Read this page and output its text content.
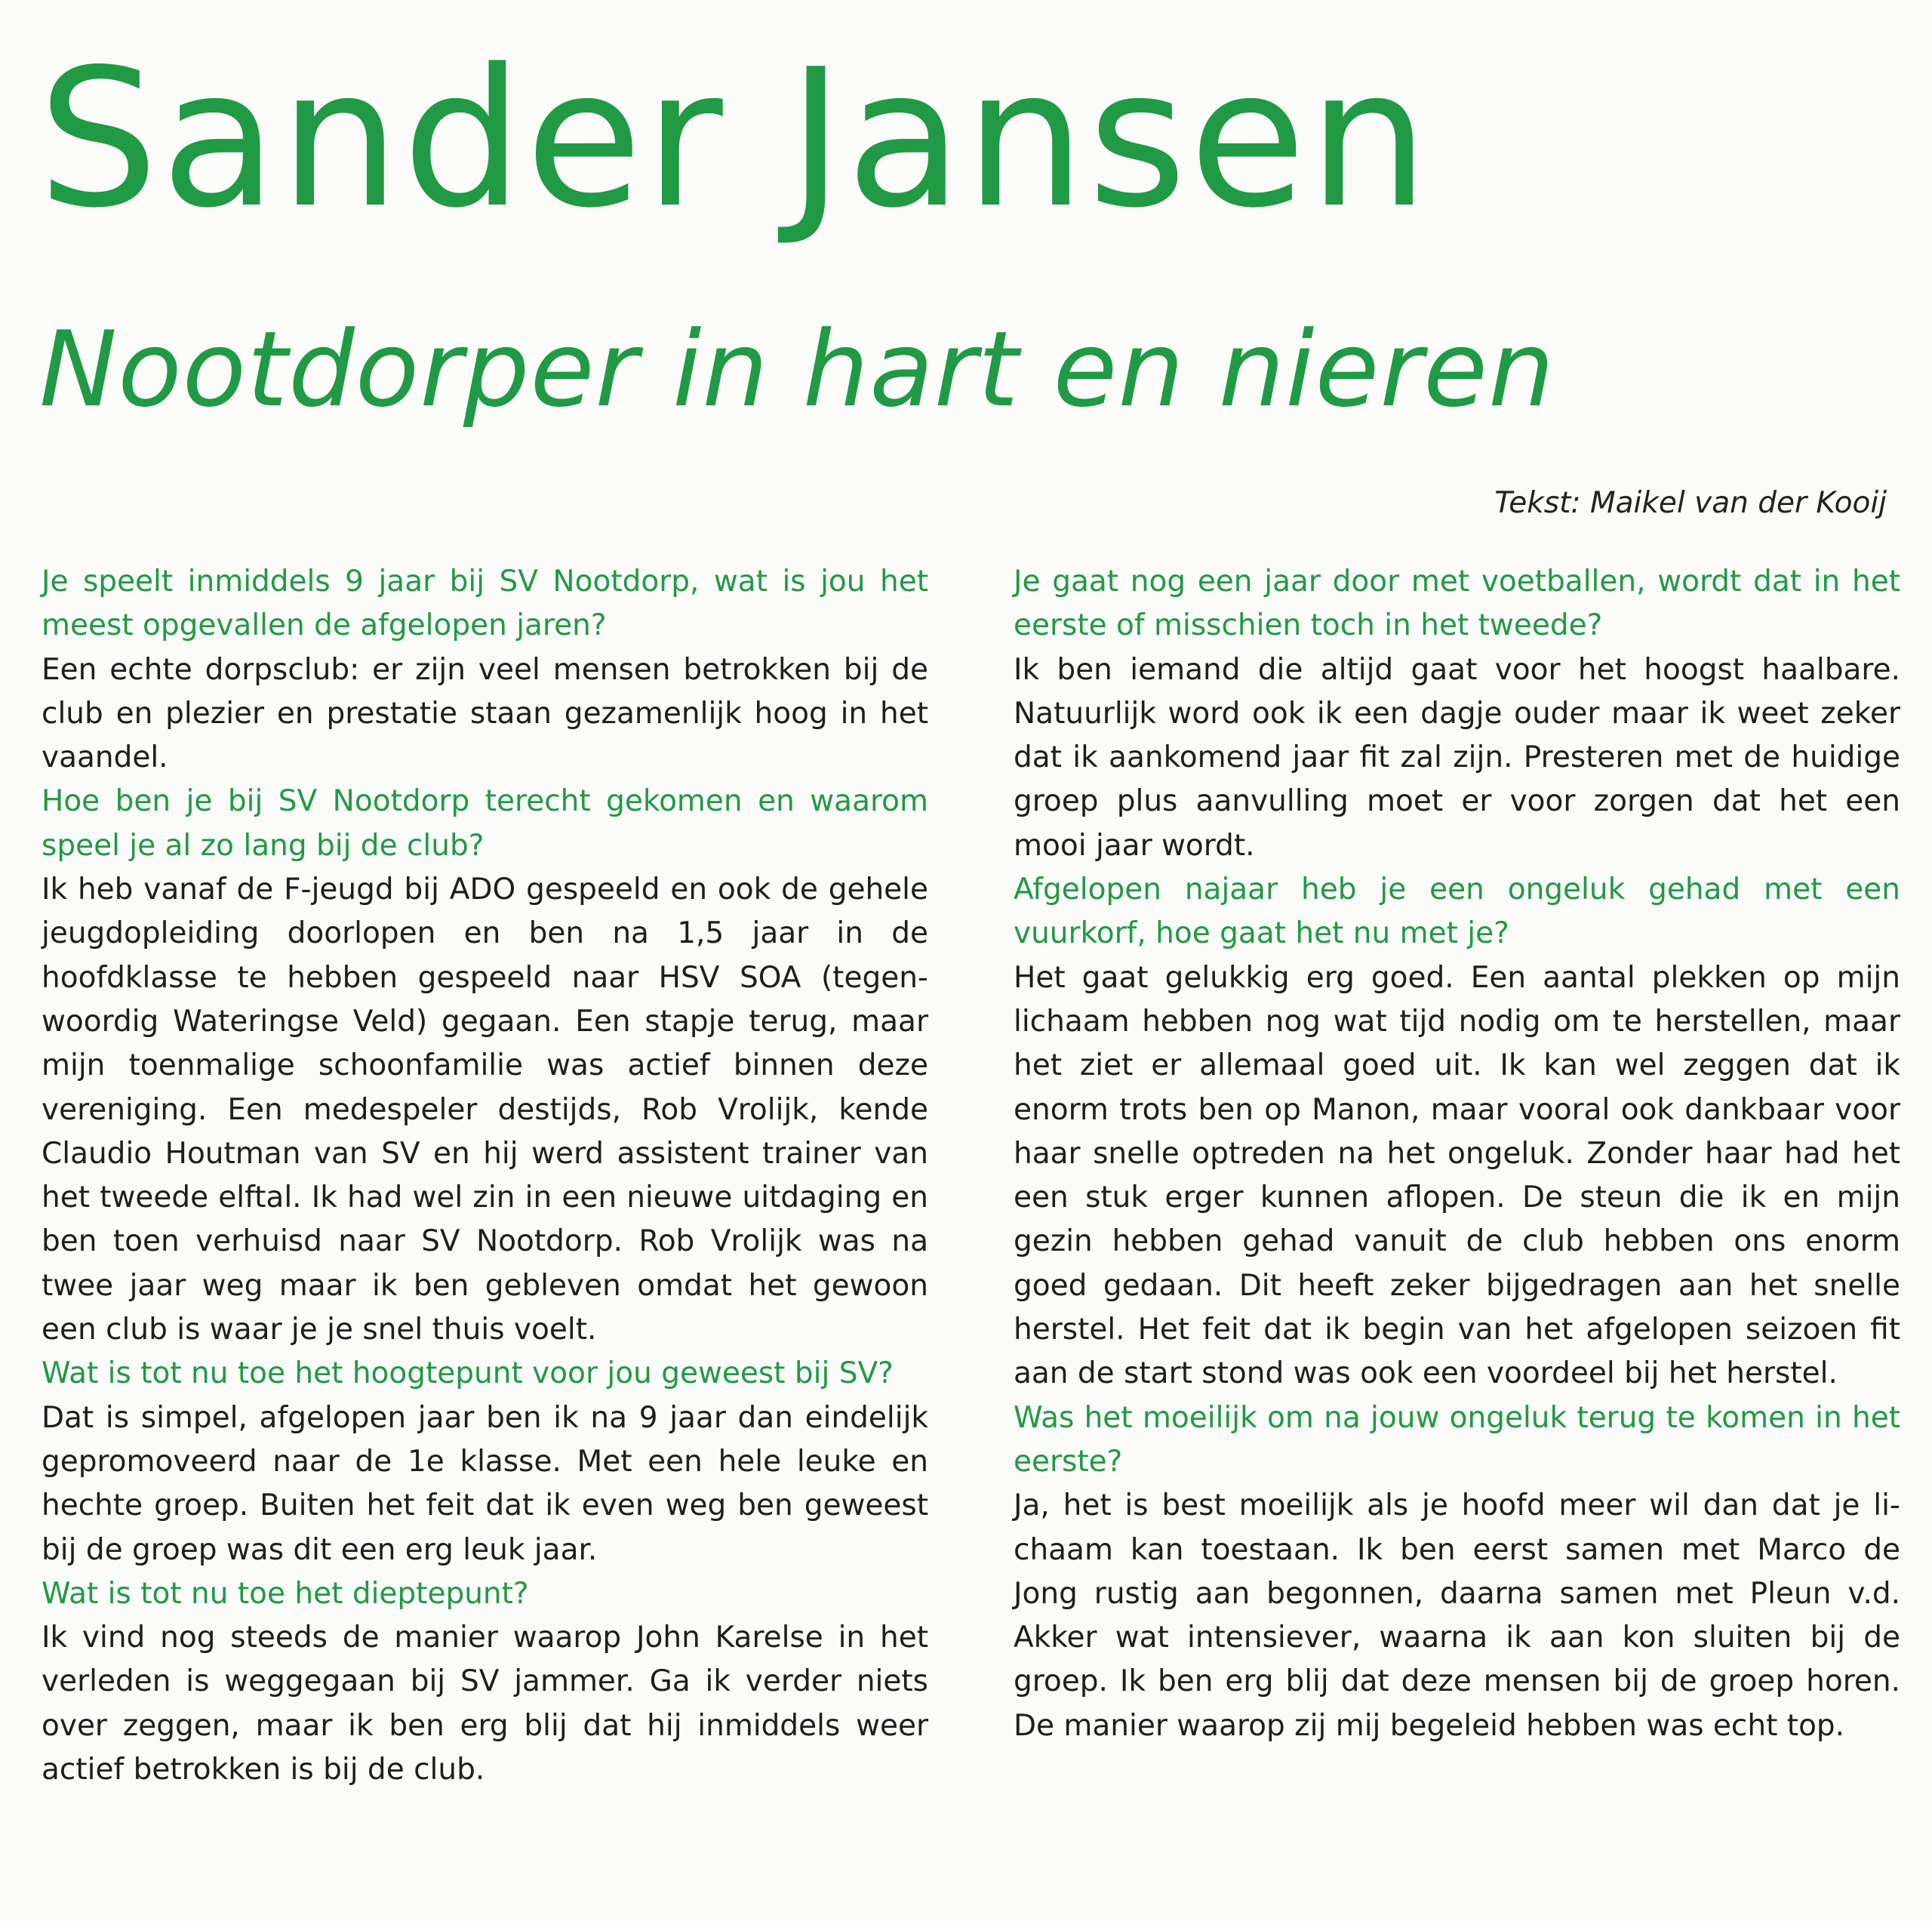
Sander Jansen
Nootdorper in hart en nieren

Tekst: Maikel van der Kooij

Je speelt inmiddels 9 jaar bij SV Nootdorp, wat is jou het meest opgevallen de afgelopen jaren?

Een echte dorpsclub: er zijn veel mensen betrokken bij de club en plezier en prestatie staan gezamenlijk hoog in het vaandel.

Hoe ben je bij SV Nootdorp terecht gekomen en waarom speel je al zo lang bij de club?

Ik heb vanaf de F-jeugd bij ADO gespeeld en ook de gehele jeugdopleiding doorlopen en ben na 1,5 jaar in de hoofdklasse te hebben gespeeld naar HSV SOA (tegenwoordig Wateringse Veld) gegaan. Een stapje terug, maar mijn toenmalige schoonfamilie was actief binnen deze vereniging. Een medespeler destijds, Rob Vrolijk, kende Claudio Houtman van SV en hij werd assistent trainer van het tweede elftal. Ik had wel zin in een nieuwe uitdaging en ben toen verhuisd naar SV Nootdorp. Rob Vrolijk was na twee jaar weg maar ik ben gebleven omdat het gewoon een club is waar je je snel thuis voelt.

Wat is tot nu toe het hoogtepunt voor jou geweest bij SV?

Dat is simpel, afgelopen jaar ben ik na 9 jaar dan eindelijk gepromoveerd naar de 1e klasse. Met een hele leuke en hechte groep. Buiten het feit dat ik even weg ben geweest bij de groep was dit een erg leuk jaar.

Wat is tot nu toe het dieptepunt?

Ik vind nog steeds de manier waarop John Karelse in het verleden is weggegaan bij SV jammer. Ga ik verder niets over zeggen, maar ik ben erg blij dat hij inmiddels weer actief betrokken is bij de club.

Je gaat nog een jaar door met voetballen, wordt dat in het eerste of misschien toch in het tweede?

Ik ben iemand die altijd gaat voor het hoogst haalbare. Natuurlijk word ook ik een dagje ouder maar ik weet zeker dat ik aankomend jaar fit zal zijn. Presteren met de huidige groep plus aanvulling moet er voor zorgen dat het een mooi jaar wordt.

Afgelopen najaar heb je een ongeluk gehad met een vuurkorf, hoe gaat het nu met je?

Het gaat gelukkig erg goed. Een aantal plekken op mijn lichaam hebben nog wat tijd nodig om te herstellen, maar het ziet er allemaal goed uit. Ik kan wel zeggen dat ik enorm trots ben op Manon, maar vooral ook dankbaar voor haar snelle optreden na het ongeluk. Zonder haar had het een stuk erger kunnen aflopen. De steun die ik en mijn gezin hebben gehad vanuit de club hebben ons enorm goed gedaan. Dit heeft zeker bijgedragen aan het snelle herstel. Het feit dat ik begin van het afgelopen seizoen fit aan de start stond was ook een voordeel bij het herstel.

Was het moeilijk om na jouw ongeluk terug te komen in het eerste?

Ja, het is best moeilijk als je hoofd meer wil dan dat je lichaam kan toestaan. Ik ben eerst samen met Marco de Jong rustig aan begonnen, daarna samen met Pleun v.d. Akker wat intensiever, waarna ik aan kon sluiten bij de groep. Ik ben erg blij dat deze mensen bij de groep horen. De manier waarop zij mij begeleid hebben was echt top.
